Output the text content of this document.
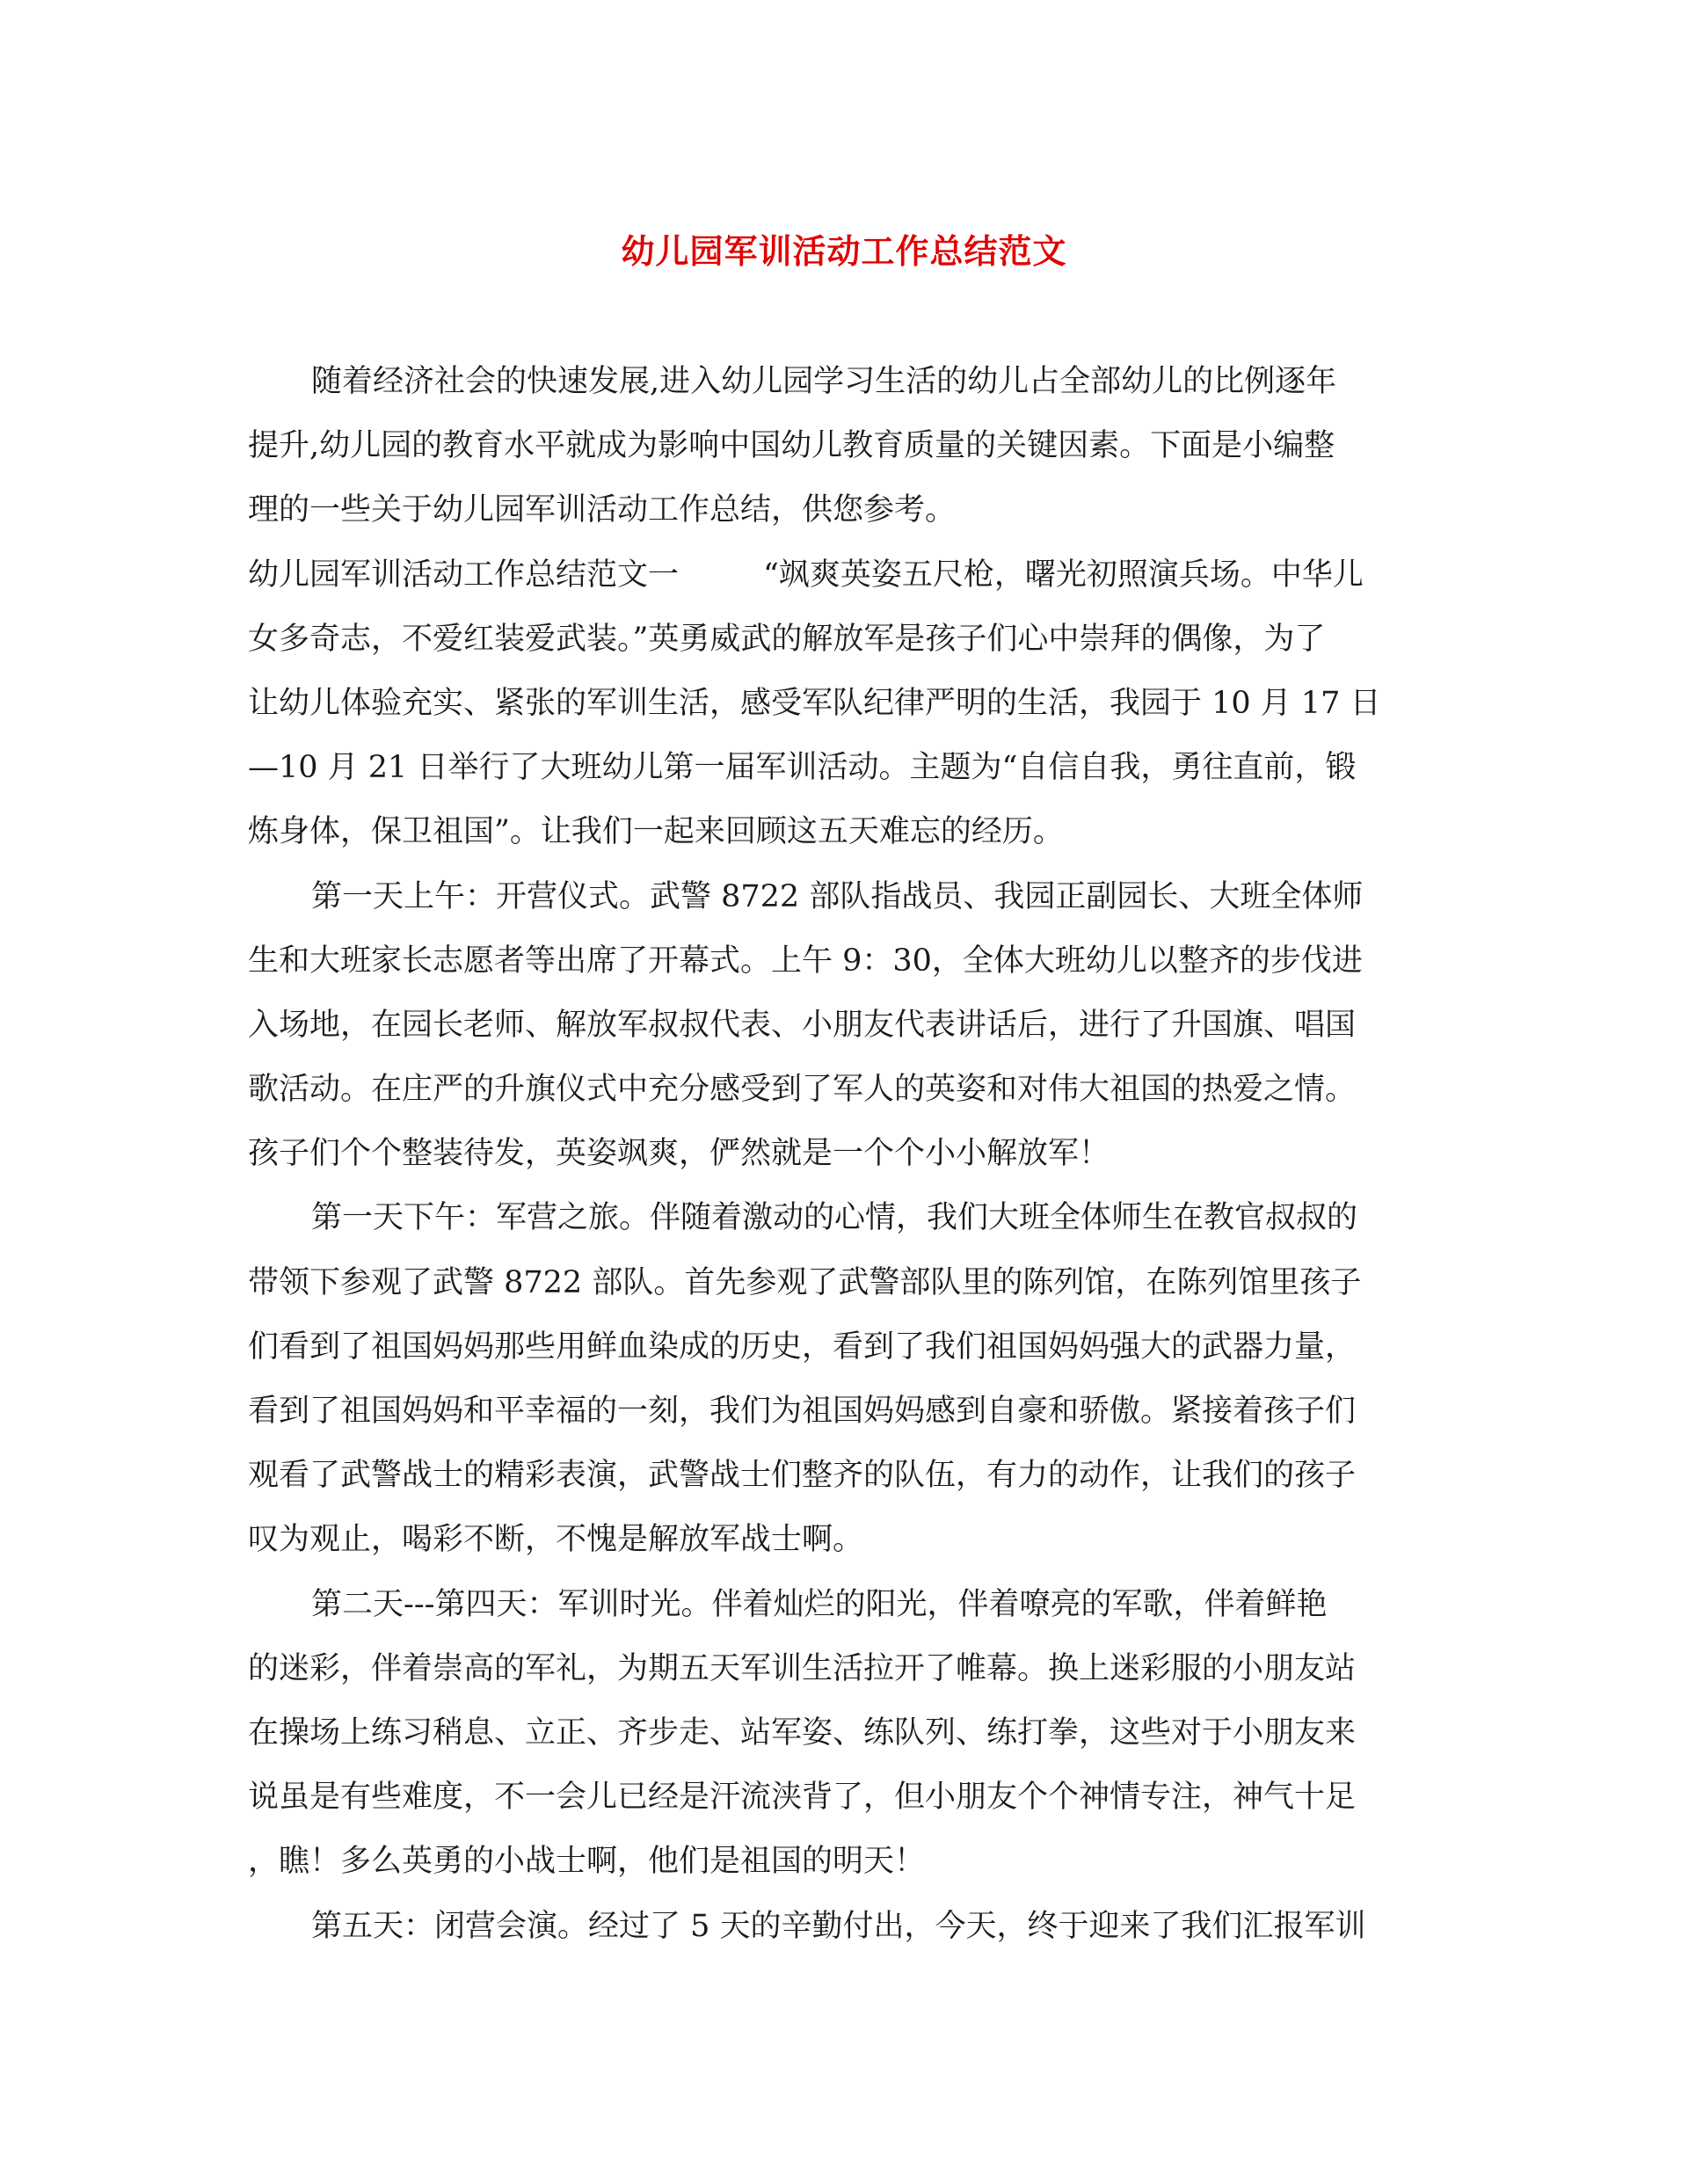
幼儿园军训活动工作总结范文
随着经济社会的快速发展,进入幼儿园学习生活的幼儿占全部幼儿的比例逐年
提升,幼儿园的教育水平就成为影响中国幼儿教育质量的关键因素。下面是小编整
理的一些关于幼儿园军训活动工作总结，供您参考。
幼儿园军训活动工作总结范文一	“飒爽英姿五尺枪，曙光初照演兵场。中华儿
女多奇志，不爱红装爱武装。”英勇威武的解放军是孩子们心中崇拜的偶像，为了
让幼儿体验充实、紧张的军训生活，感受军队纪律严明的生活，我园于 10 月 17 日
—10 月 21 日举行了大班幼儿第一届军训活动。主题为“自信自我，勇往直前，锻
炼身体，保卫祖国”。让我们一起来回顾这五天难忘的经历。
第一天上午：开营仪式。武警 8722 部队指战员、我园正副园长、大班全体师
生和大班家长志愿者等出席了开幕式。上午 9：30，全体大班幼儿以整齐的步伐进
入场地，在园长老师、解放军叔叔代表、小朋友代表讲话后，进行了升国旗、唱国
歌活动。在庄严的升旗仪式中充分感受到了军人的英姿和对伟大祖国的热爱之情。
孩子们个个整装待发，英姿飒爽，俨然就是一个个小小解放军！
第一天下午：军营之旅。伴随着激动的心情，我们大班全体师生在教官叔叔的
带领下参观了武警 8722 部队。首先参观了武警部队里的陈列馆，在陈列馆里孩子
们看到了祖国妈妈那些用鲜血染成的历史，看到了我们祖国妈妈强大的武器力量，
看到了祖国妈妈和平幸福的一刻，我们为祖国妈妈感到自豪和骄傲。紧接着孩子们
观看了武警战士的精彩表演，武警战士们整齐的队伍，有力的动作，让我们的孩子
叹为观止，喝彩不断，不愧是解放军战士啊。
第二天---第四天：军训时光。伴着灿烂的阳光，伴着嘹亮的军歌，伴着鲜艳
的迷彩，伴着崇高的军礼，为期五天军训生活拉开了帷幕。换上迷彩服的小朋友站
在操场上练习稍息、立正、齐步走、站军姿、练队列、练打拳，这些对于小朋友来
说虽是有些难度，不一会儿已经是汗流浃背了，但小朋友个个神情专注，神气十足
，瞧！多么英勇的小战士啊，他们是祖国的明天！
第五天：闭营会演。经过了 5 天的辛勤付出，今天，终于迎来了我们汇报军训
